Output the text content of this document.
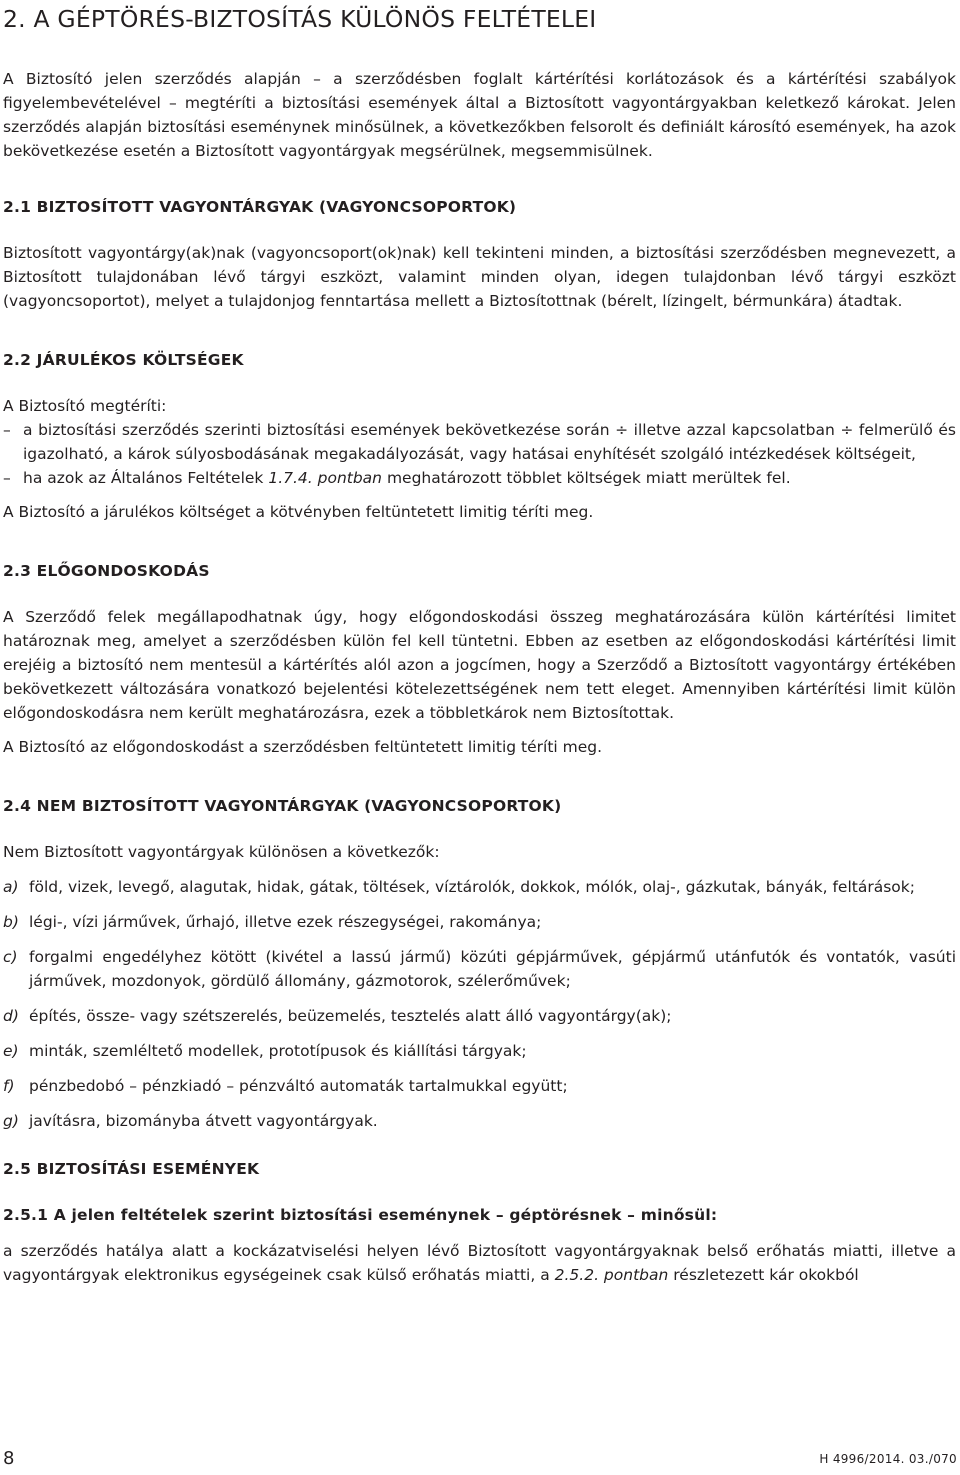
2. A GÉPTÖRÉS-BIZTOSÍTÁS KÜLÖNÖS FELTÉTELEI

A Biztosító jelen szerződés alapján – a szerződésben foglalt kártérítési korlátozások és a kártérítési szabályok figyelembevételével – megtéríti a biztosítási események által a Biztosított vagyontárgyakban keletkező károkat. Jelen szerződés alapján biztosítási eseménynek minősülnek, a következőkben felsorolt és definiált károsító események, ha azok bekövetkezése esetén a Biztosított vagyontárgyak megsérülnek, megsemmisülnek.

2.1 BIZTOSÍTOTT VAGYONTÁRGYAK (VAGYONCSOPORTOK)

Biztosított vagyontárgy(ak)nak (vagyoncsoport(ok)nak) kell tekinteni minden, a biztosítási szerződésben megnevezett, a Biztosított tulajdonában lévő tárgyi eszközt, valamint minden olyan, idegen tulajdonban lévő tárgyi eszközt (vagyoncsoportot), melyet a tulajdonjog fenntartása mellett a Biztosítottnak (bérelt, lízingelt, bérmunkára) átadtak.

2.2 JÁRULÉKOS KÖLTSÉGEK

A Biztosító megtéríti:

– a biztosítási szerződés szerinti biztosítási események bekövetkezése során ÷ illetve azzal kapcsolatban ÷ felmerülő és igazolható, a károk súlyosbodásának megakadályozását, vagy hatásai enyhítését szolgáló intézkedések költségeit,
– ha azok az Általános Feltételek 1.7.4. pontban meghatározott többlet költségek miatt merültek fel.

A Biztosító a járulékos költséget a kötvényben feltüntetett limitig téríti meg.

2.3 ELŐGONDOSKODÁS

A Szerződő felek megállapodhatnak úgy, hogy előgondoskodási összeg meghatározására külön kártérítési limitet határoznak meg, amelyet a szerződésben külön fel kell tüntetni. Ebben az esetben az előgondoskodási kártérítési limit erejéig a biztosító nem mentesül a kártérítés alól azon a jogcímen, hogy a Szerződő a Biztosított vagyontárgy értékében bekövetkezett változására vonatkozó bejelentési kötelezettségének nem tett eleget. Amennyiben kártérítési limit külön előgondoskodásra nem került meghatározásra, ezek a többletkárok nem Biztosítottak.

A Biztosító az előgondoskodást a szerződésben feltüntetett limitig téríti meg.

2.4 NEM BIZTOSÍTOTT VAGYONTÁRGYAK (VAGYONCSOPORTOK)

Nem Biztosított vagyontárgyak különösen a következők:

a) föld, vizek, levegő, alagutak, hidak, gátak, töltések, víztárolók, dokkok, mólók, olaj-, gázkutak, bányák, feltárások;
b) légi-, vízi járművek, űrhajó, illetve ezek részegységei, rakománya;
c) forgalmi engedélyhez kötött (kivétel a lassú jármű) közúti gépjárművek, gépjármű utánfutók és vontatók, vasúti járművek, mozdonyok, gördülő állomány, gázmotorok, szélerőművek;
d) építés, össze- vagy szétszerelés, beüzemelés, tesztelés alatt álló vagyontárgy(ak);
e) minták, szemléltető modellek, prototípusok és kiállítási tárgyak;
f) pénzbedobó – pénzkiadó – pénzváltó automaták tartalmukkal együtt;
g) javításra, bizományba átvett vagyontárgyak.
2.5 BIZTOSÍTÁSI ESEMÉNYEK
2.5.1 A jelen feltételek szerint biztosítási eseménynek – géptörésnek – minősül:

a szerződés hatálya alatt a kockázatviselési helyen lévő Biztosított vagyontárgyaknak belső erőhatás miatti, illetve a vagyontárgyak elektronikus egységeinek csak külső erőhatás miatti, a 2.5.2. pontban részletezett kár okokból

8	H 4996/2014. 03./070
